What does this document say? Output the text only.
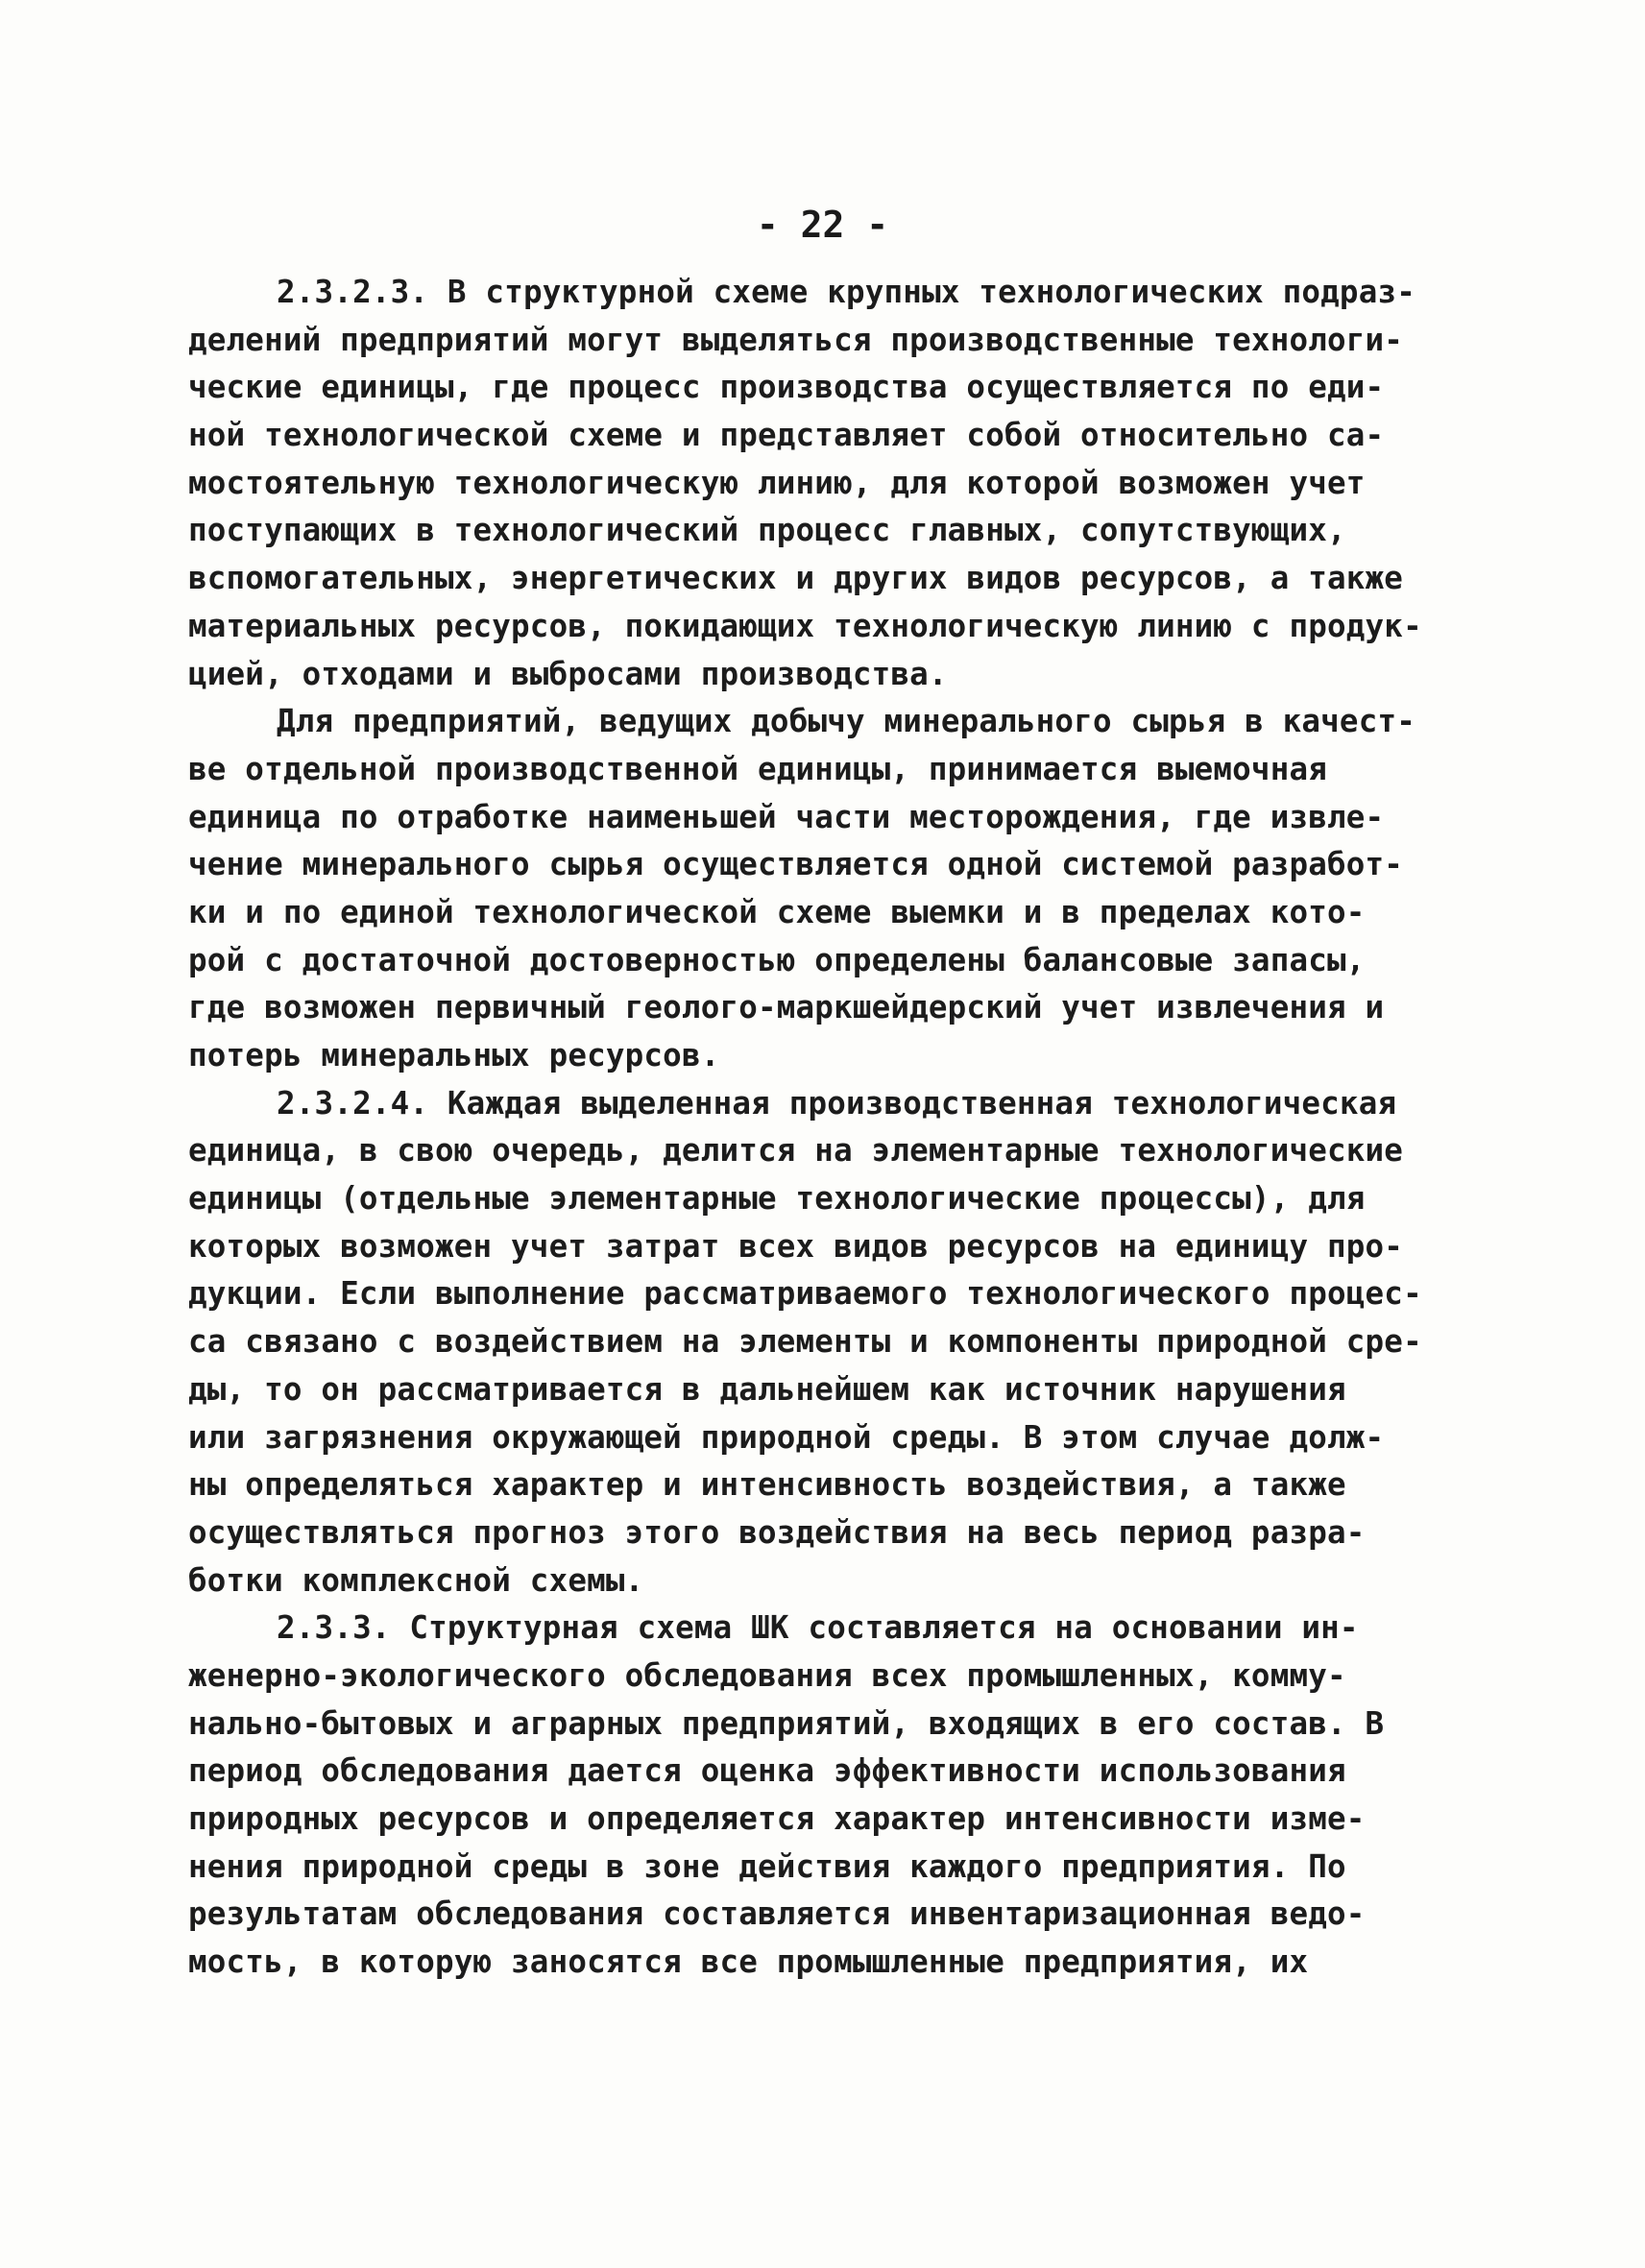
- 22 -
2.3.2.3. В структурной схеме крупных технологических подраз-
делений предприятий могут выделяться производственные технологи-
ческие единицы, где процесс производства осуществляется по еди-
ной технологической схеме и представляет собой относительно са-
мостоятельную технологическую линию, для которой возможен учет
поступающих в технологический процесс главных, сопутствующих,
вспомогательных, энергетических и других видов ресурсов, а также
материальных ресурсов, покидающих технологическую линию с продук-
цией, отходами и выбросами производства.
Для предприятий, ведущих добычу минерального сырья в качест-
ве отдельной производственной единицы, принимается выемочная
единица по отработке наименьшей части месторождения, где извле-
чение минерального сырья осуществляется одной системой разработ-
ки и по единой технологической схеме выемки и в пределах кото-
рой с достаточной достоверностью определены балансовые запасы,
где возможен первичный геолого-маркшейдерский учет извлечения и
потерь минеральных ресурсов.
2.3.2.4. Каждая выделенная производственная технологическая
единица, в свою очередь, делится на элементарные технологические
единицы (отдельные элементарные технологические процессы), для
которых возможен учет затрат всех видов ресурсов на единицу про-
дукции. Если выполнение рассматриваемого технологического процес-
са связано с воздействием на элементы и компоненты природной сре-
ды, то он рассматривается в дальнейшем как источник нарушения
или загрязнения окружающей природной среды. В этом случае долж-
ны определяться характер и интенсивность воздействия, а также
осуществляться прогноз этого воздействия на весь период разра-
ботки комплексной схемы.
2.3.3. Структурная схема ШК составляется на основании ин-
женерно-экологического обследования всех промышленных, комму-
нально-бытовых и аграрных предприятий, входящих в его состав. В
период обследования дается оценка эффективности использования
природных ресурсов и определяется характер интенсивности изме-
нения природной среды в зоне действия каждого предприятия. По
результатам обследования составляется инвентаризационная ведо-
мость, в которую заносятся все промышленные предприятия, их
